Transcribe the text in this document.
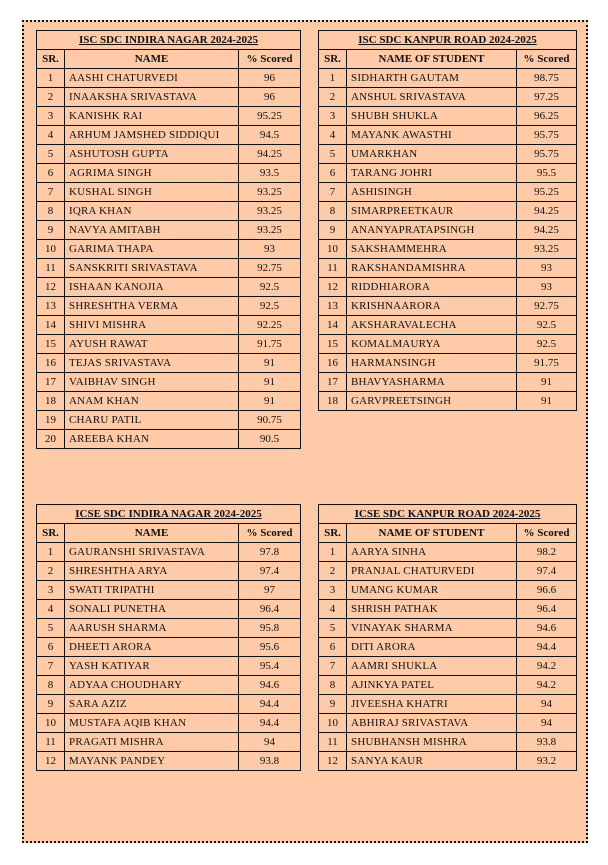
ISC SDC INDIRA NAGAR 2024-2025		
SR.	NAME	% Scored
1	AASHI CHATURVEDI	96
2	INAAKSHA SRIVASTAVA	96
3	KANISHK RAI	95.25
4	ARHUM JAMSHED SIDDIQUI	94.5
5	ASHUTOSH GUPTA	94.25
6	AGRIMA SINGH	93.5
7	KUSHAL SINGH	93.25
8	IQRA KHAN	93.25
9	NAVYA AMITABH	93.25
10	GARIMA THAPA	93
11	SANSKRITI SRIVASTAVA	92.75
12	ISHAAN KANOJIA	92.5
13	SHRESHTHA VERMA	92.5
14	SHIVI MISHRA	92.25
15	AYUSH RAWAT	91.75
16	TEJAS SRIVASTAVA	91
17	VAIBHAV SINGH	91
18	ANAM KHAN	91
19	CHARU PATIL	90.75
20	AREEBA KHAN	90.5
ISC SDC KANPUR ROAD 2024-2025		
SR.	NAME OF STUDENT	% Scored
1	SIDHARTH GAUTAM	98.75
2	ANSHUL SRIVASTAVA	97.25
3	SHUBH SHUKLA	96.25
4	MAYANK AWASTHI	95.75
5	UMARKHAN	95.75
6	TARANG JOHRI	95.5
7	ASHISINGH	95.25
8	SIMARPREETKAUR	94.25
9	ANANYAPRATAPSINGH	94.25
10	SAKSHAMMEHRA	93.25
11	RAKSHANDAMISHRA	93
12	RIDDHIARORA	93
13	KRISHNAARORA	92.75
14	AKSHARAVALECHA	92.5
15	KOMALMAURYA	92.5
16	HARMANSINGH	91.75
17	BHAVYASHARMA	91
18	GARVPREETSINGH	91
ICSE SDC INDIRA NAGAR 2024-2025		
SR.	NAME	% Scored
1	GAURANSHI SRIVASTAVA	97.8
2	SHRESHTHA ARYA	97.4
3	SWATI TRIPATHI	97
4	SONALI PUNETHA	96.4
5	AARUSH SHARMA	95.8
6	DHEETI ARORA	95.6
7	YASH KATIYAR	95.4
8	ADYAA CHOUDHARY	94.6
9	SARA AZIZ	94.4
10	MUSTAFA AQIB KHAN	94.4
11	PRAGATI MISHRA	94
12	MAYANK PANDEY	93.8
ICSE SDC KANPUR ROAD 2024-2025		
SR.	NAME OF STUDENT	% Scored
1	AARYA SINHA	98.2
2	PRANJAL CHATURVEDI	97.4
3	UMANG KUMAR	96.6
4	SHRISH PATHAK	96.4
5	VINAYAK SHARMA	94.6
6	DITI ARORA	94.4
7	AAMRI SHUKLA	94.2
8	AJINKYA PATEL	94.2
9	JIVEESHA KHATRI	94
10	ABHIRAJ SRIVASTAVA	94
11	SHUBHANSH MISHRA	93.8
12	SANYA KAUR	93.2
